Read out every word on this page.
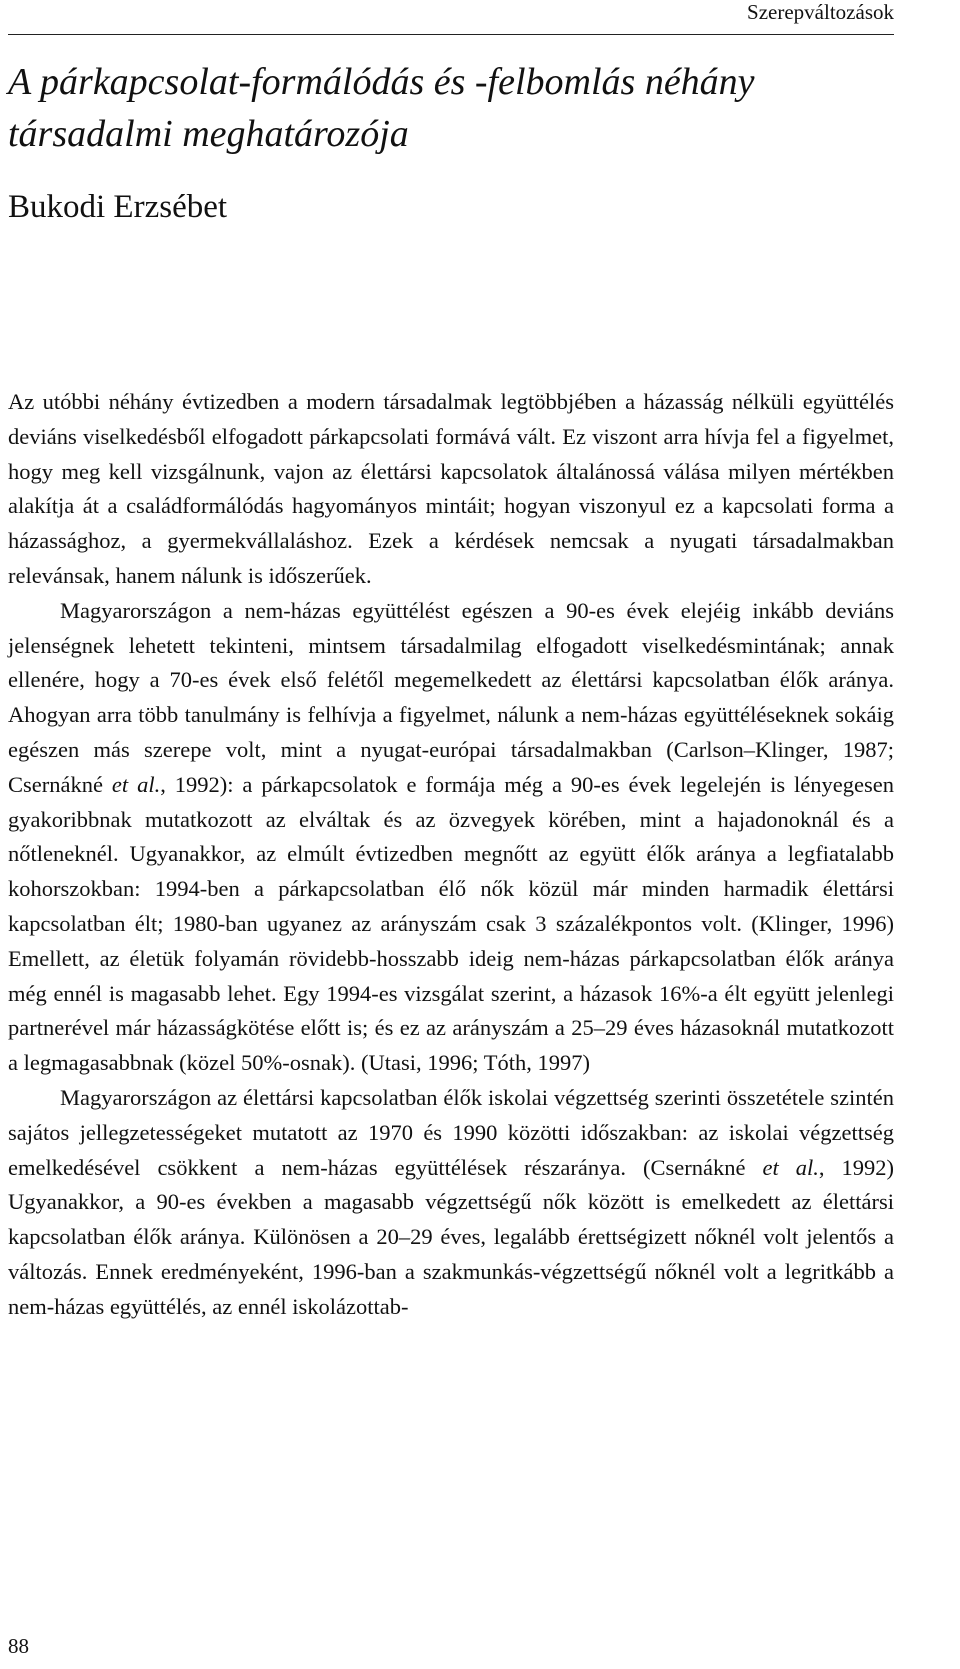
Szerepváltozások
A párkapcsolat-formálódás és -felbomlás néhány társadalmi meghatározója
Bukodi Erzsébet

Az utóbbi néhány évtizedben a modern társadalmak legtöbbjében a házasság nélküli együttélés deviáns viselkedésből elfogadott párkapcsolati formává vált. Ez viszont arra hívja fel a figyelmet, hogy meg kell vizsgálnunk, vajon az élettársi kapcsolatok általánossá válása milyen mértékben alakítja át a családformálódás hagyományos mintáit; hogyan viszonyul ez a kapcsolati forma a házassághoz, a gyermekvállaláshoz. Ezek a kérdések nemcsak a nyugati társadalmakban relevánsak, hanem nálunk is időszerűek.

Magyarországon a nem-házas együttélést egészen a 90-es évek elejéig inkább deviáns jelenségnek lehetett tekinteni, mintsem társadalmilag elfogadott viselkedésmintának; annak ellenére, hogy a 70-es évek első felétől megemelkedett az élettársi kapcsolatban élők aránya. Ahogyan arra több tanulmány is felhívja a figyelmet, nálunk a nem-házas együttéléseknek sokáig egészen más szerepe volt, mint a nyugat-európai társadalmakban (Carlson–Klinger, 1987; Csernákné et al., 1992): a párkapcsolatok e formája még a 90-es évek legelején is lényegesen gyakoribbnak mutatkozott az elváltak és az özvegyek körében, mint a hajadonoknál és a nőtleneknél. Ugyanakkor, az elmúlt évtizedben megnőtt az együtt élők aránya a legfiatalabb kohorszokban: 1994-ben a párkapcsolatban élő nők közül már minden harmadik élettársi kapcsolatban élt; 1980-ban ugyanez az arányszám csak 3 százalékpontos volt. (Klinger, 1996) Emellett, az életük folyamán rövidebb-hosszabb ideig nem-házas párkapcsolatban élők aránya még ennél is magasabb lehet. Egy 1994-es vizsgálat szerint, a házasok 16%-a élt együtt jelenlegi partnerével már házasságkötése előtt is; és ez az arányszám a 25–29 éves házasoknál mutatkozott a legmagasabbnak (közel 50%-osnak). (Utasi, 1996; Tóth, 1997)

Magyarországon az élettársi kapcsolatban élők iskolai végzettség szerinti összetétele szintén sajátos jellegzetességeket mutatott az 1970 és 1990 közötti időszakban: az iskolai végzettség emelkedésével csökkent a nem-házas együttélések részaránya. (Csernákné et al., 1992) Ugyanakkor, a 90-es években a magasabb végzettségű nők között is emelkedett az élettársi kapcsolatban élők aránya. Különösen a 20–29 éves, legalább érettségizett nőknél volt jelentős a változás. Ennek eredményeként, 1996-ban a szakmunkás-végzettségű nőknél volt a legritkább a nem-házas együttélés, az ennél iskolázottab-

88
